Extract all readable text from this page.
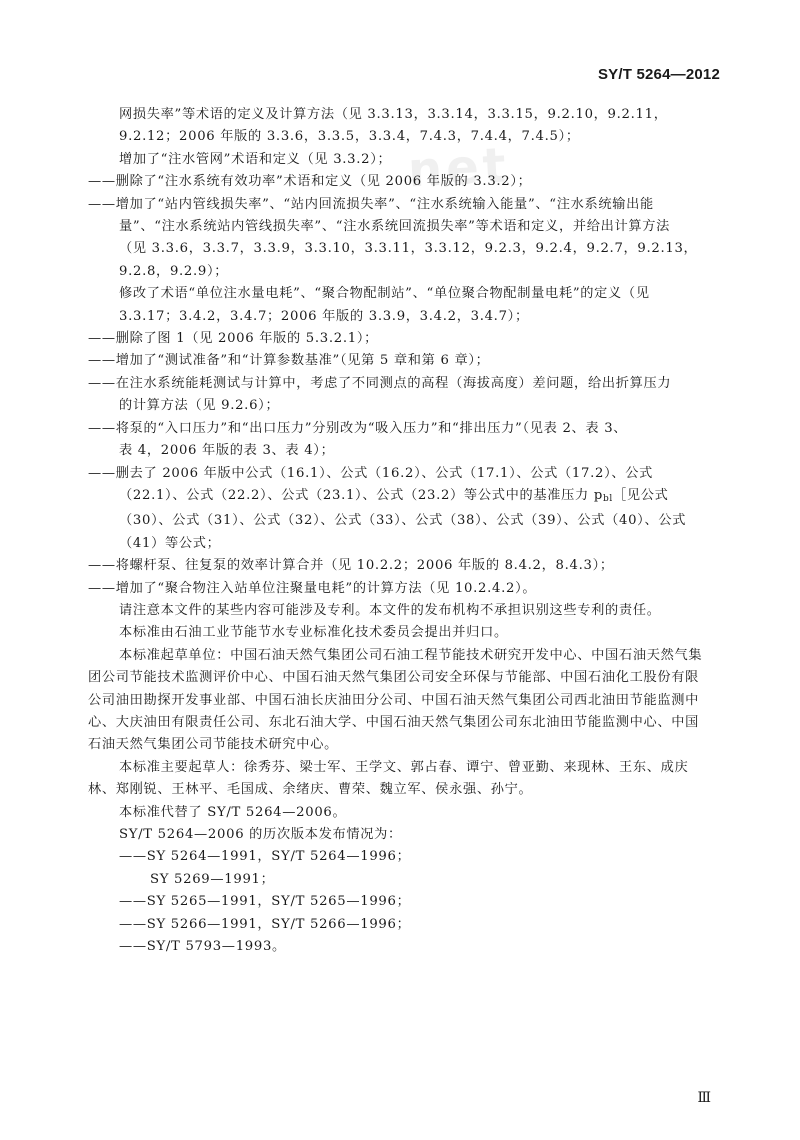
net
SY/T 5264—2012

网损失率”等术语的定义及计算方法（见 3.3.13，3.3.14，3.3.15，9.2.10，9.2.11，

9.2.12；2006 年版的 3.3.6，3.3.5，3.3.4，7.4.3，7.4.4，7.4.5）；

增加了“注水管网”术语和定义（见 3.3.2）；

——删除了“注水系统有效功率”术语和定义（见 2006 年版的 3.3.2）；

——增加了“站内管线损失率”、“站内回流损失率”、“注水系统输入能量”、“注水系统输出能

量”、“注水系统站内管线损失率”、“注水系统回流损失率”等术语和定义，并给出计算方法

（见 3.3.6，3.3.7，3.3.9，3.3.10，3.3.11，3.3.12，9.2.3，9.2.4，9.2.7，9.2.13，

9.2.8，9.2.9）；

修改了术语“单位注水量电耗”、“聚合物配制站”、“单位聚合物配制量电耗”的定义（见

3.3.17；3.4.2，3.4.7；2006 年版的 3.3.9，3.4.2，3.4.7）；

——删除了图 1（见 2006 年版的 5.3.2.1）；

——增加了“测试准备”和“计算参数基准”（见第 5 章和第 6 章）；

——在注水系统能耗测试与计算中，考虑了不同测点的高程（海拔高度）差问题，给出折算压力

的计算方法（见 9.2.6）；

——将泵的“入口压力”和“出口压力”分别改为“吸入压力”和“排出压力”（见表 2、表 3、

表 4，2006 年版的表 3、表 4）；

——删去了 2006 年版中公式（16.1）、公式（16.2）、公式（17.1）、公式（17.2）、公式

（22.1）、公式（22.2）、公式（23.1）、公式（23.2）等公式中的基准压力 $p_{bl}[$见公式

（30）、公式（31）、公式（32）、公式（33）、公式（38）、公式（39）、公式（40）、公式

（41）等公式；

——将螺杆泵、往复泵的效率计算合并（见 10.2.2；2006 年版的 8.4.2，8.4.3）；

——增加了“聚合物注入站单位注聚量电耗”的计算方法（见 10.2.4.2）。

请注意本文件的某些内容可能涉及专利。本文件的发布机构不承担识别这些专利的责任。

本标准由石油工业节能节水专业标准化技术委员会提出并归口。

本标准起草单位：中国石油天然气集团公司石油工程节能技术研究开发中心、中国石油天然气集

团公司节能技术监测评价中心、中国石油天然气集团公司安全环保与节能部、中国石油化工股份有限

公司油田勘探开发事业部、中国石油长庆油田分公司、中国石油天然气集团公司西北油田节能监测中

心、大庆油田有限责任公司、东北石油大学、中国石油天然气集团公司东北油田节能监测中心、中国

石油天然气集团公司节能技术研究中心。

本标准主要起草人：徐秀芬、梁士军、王学文、郭占春、谭宁、曾亚勤、来现林、王东、成庆

林、郑刚锐、王林平、毛国成、余绪庆、曹荣、魏立军、侯永强、孙宁。

本标准代替了 SY/T 5264—2006。

SY/T 5264—2006 的历次版本发布情况为：

——SY 5264—1991，SY/T 5264—1996；

SY 5269—1991；

——SY 5265—1991，SY/T 5265—1996；

——SY 5266—1991，SY/T 5266—1996；

——SY/T 5793—1993。

Ⅲ
